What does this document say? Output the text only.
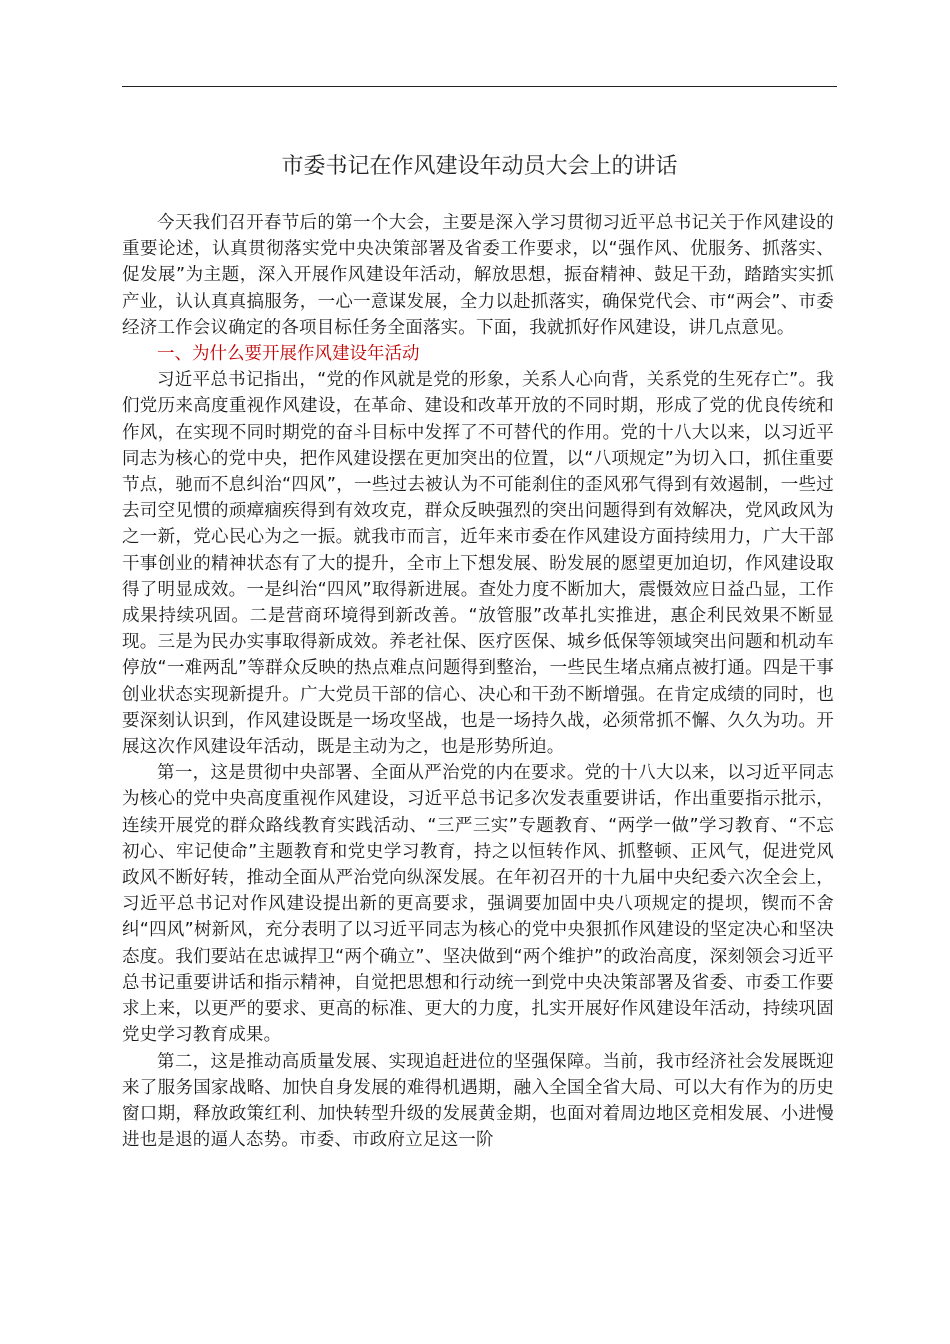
市委书记在作风建设年动员大会上的讲话

今天我们召开春节后的第一个大会，主要是深入学习贯彻习近平总书记关于作风建设的重要论述，认真贯彻落实党中央决策部署及省委工作要求，以“强作风、优服务、抓落实、促发展”为主题，深入开展作风建设年活动，解放思想，振奋精神、鼓足干劲，踏踏实实抓产业，认认真真搞服务，一心一意谋发展，全力以赴抓落实，确保党代会、市“两会”、市委经济工作会议确定的各项目标任务全面落实。下面，我就抓好作风建设，讲几点意见。

一、为什么要开展作风建设年活动

习近平总书记指出，“党的作风就是党的形象，关系人心向背，关系党的生死存亡”。我们党历来高度重视作风建设，在革命、建设和改革开放的不同时期，形成了党的优良传统和作风，在实现不同时期党的奋斗目标中发挥了不可替代的作用。党的十八大以来，以习近平同志为核心的党中央，把作风建设摆在更加突出的位置，以“八项规定”为切入口，抓住重要节点，驰而不息纠治“四风”，一些过去被认为不可能刹住的歪风邪气得到有效遏制，一些过去司空见惯的顽瘴痼疾得到有效攻克，群众反映强烈的突出问题得到有效解决，党风政风为之一新，党心民心为之一振。就我市而言，近年来市委在作风建设方面持续用力，广大干部干事创业的精神状态有了大的提升，全市上下想发展、盼发展的愿望更加迫切，作风建设取得了明显成效。一是纠治“四风”取得新进展。查处力度不断加大，震慑效应日益凸显，工作成果持续巩固。二是营商环境得到新改善。“放管服”改革扎实推进，惠企利民效果不断显现。三是为民办实事取得新成效。养老社保、医疗医保、城乡低保等领域突出问题和机动车停放“一难两乱”等群众反映的热点难点问题得到整治，一些民生堵点痛点被打通。四是干事创业状态实现新提升。广大党员干部的信心、决心和干劲不断增强。在肯定成绩的同时，也要深刻认识到，作风建设既是一场攻坚战，也是一场持久战，必须常抓不懈、久久为功。开展这次作风建设年活动，既是主动为之，也是形势所迫。

第一，这是贯彻中央部署、全面从严治党的内在要求。党的十八大以来，以习近平同志为核心的党中央高度重视作风建设，习近平总书记多次发表重要讲话，作出重要指示批示，连续开展党的群众路线教育实践活动、“三严三实”专题教育、“两学一做”学习教育、“不忘初心、牢记使命”主题教育和党史学习教育，持之以恒转作风、抓整顿、正风气，促进党风政风不断好转，推动全面从严治党向纵深发展。在年初召开的十九届中央纪委六次全会上，习近平总书记对作风建设提出新的更高要求，强调要加固中央八项规定的提坝，锲而不舍纠“四风”树新风，充分表明了以习近平同志为核心的党中央狠抓作风建设的坚定决心和坚决态度。我们要站在忠诚捍卫“两个确立”、坚决做到“两个维护”的政治高度，深刻领会习近平总书记重要讲话和指示精神，自觉把思想和行动统一到党中央决策部署及省委、市委工作要求上来，以更严的要求、更高的标准、更大的力度，扎实开展好作风建设年活动，持续巩固党史学习教育成果。

第二，这是推动高质量发展、实现追赶进位的坚强保障。当前，我市经济社会发展既迎来了服务国家战略、加快自身发展的难得机遇期，融入全国全省大局、可以大有作为的历史窗口期，释放政策红利、加快转型升级的发展黄金期，也面对着周边地区竞相发展、小进慢进也是退的逼人态势。市委、市政府立足这一阶
